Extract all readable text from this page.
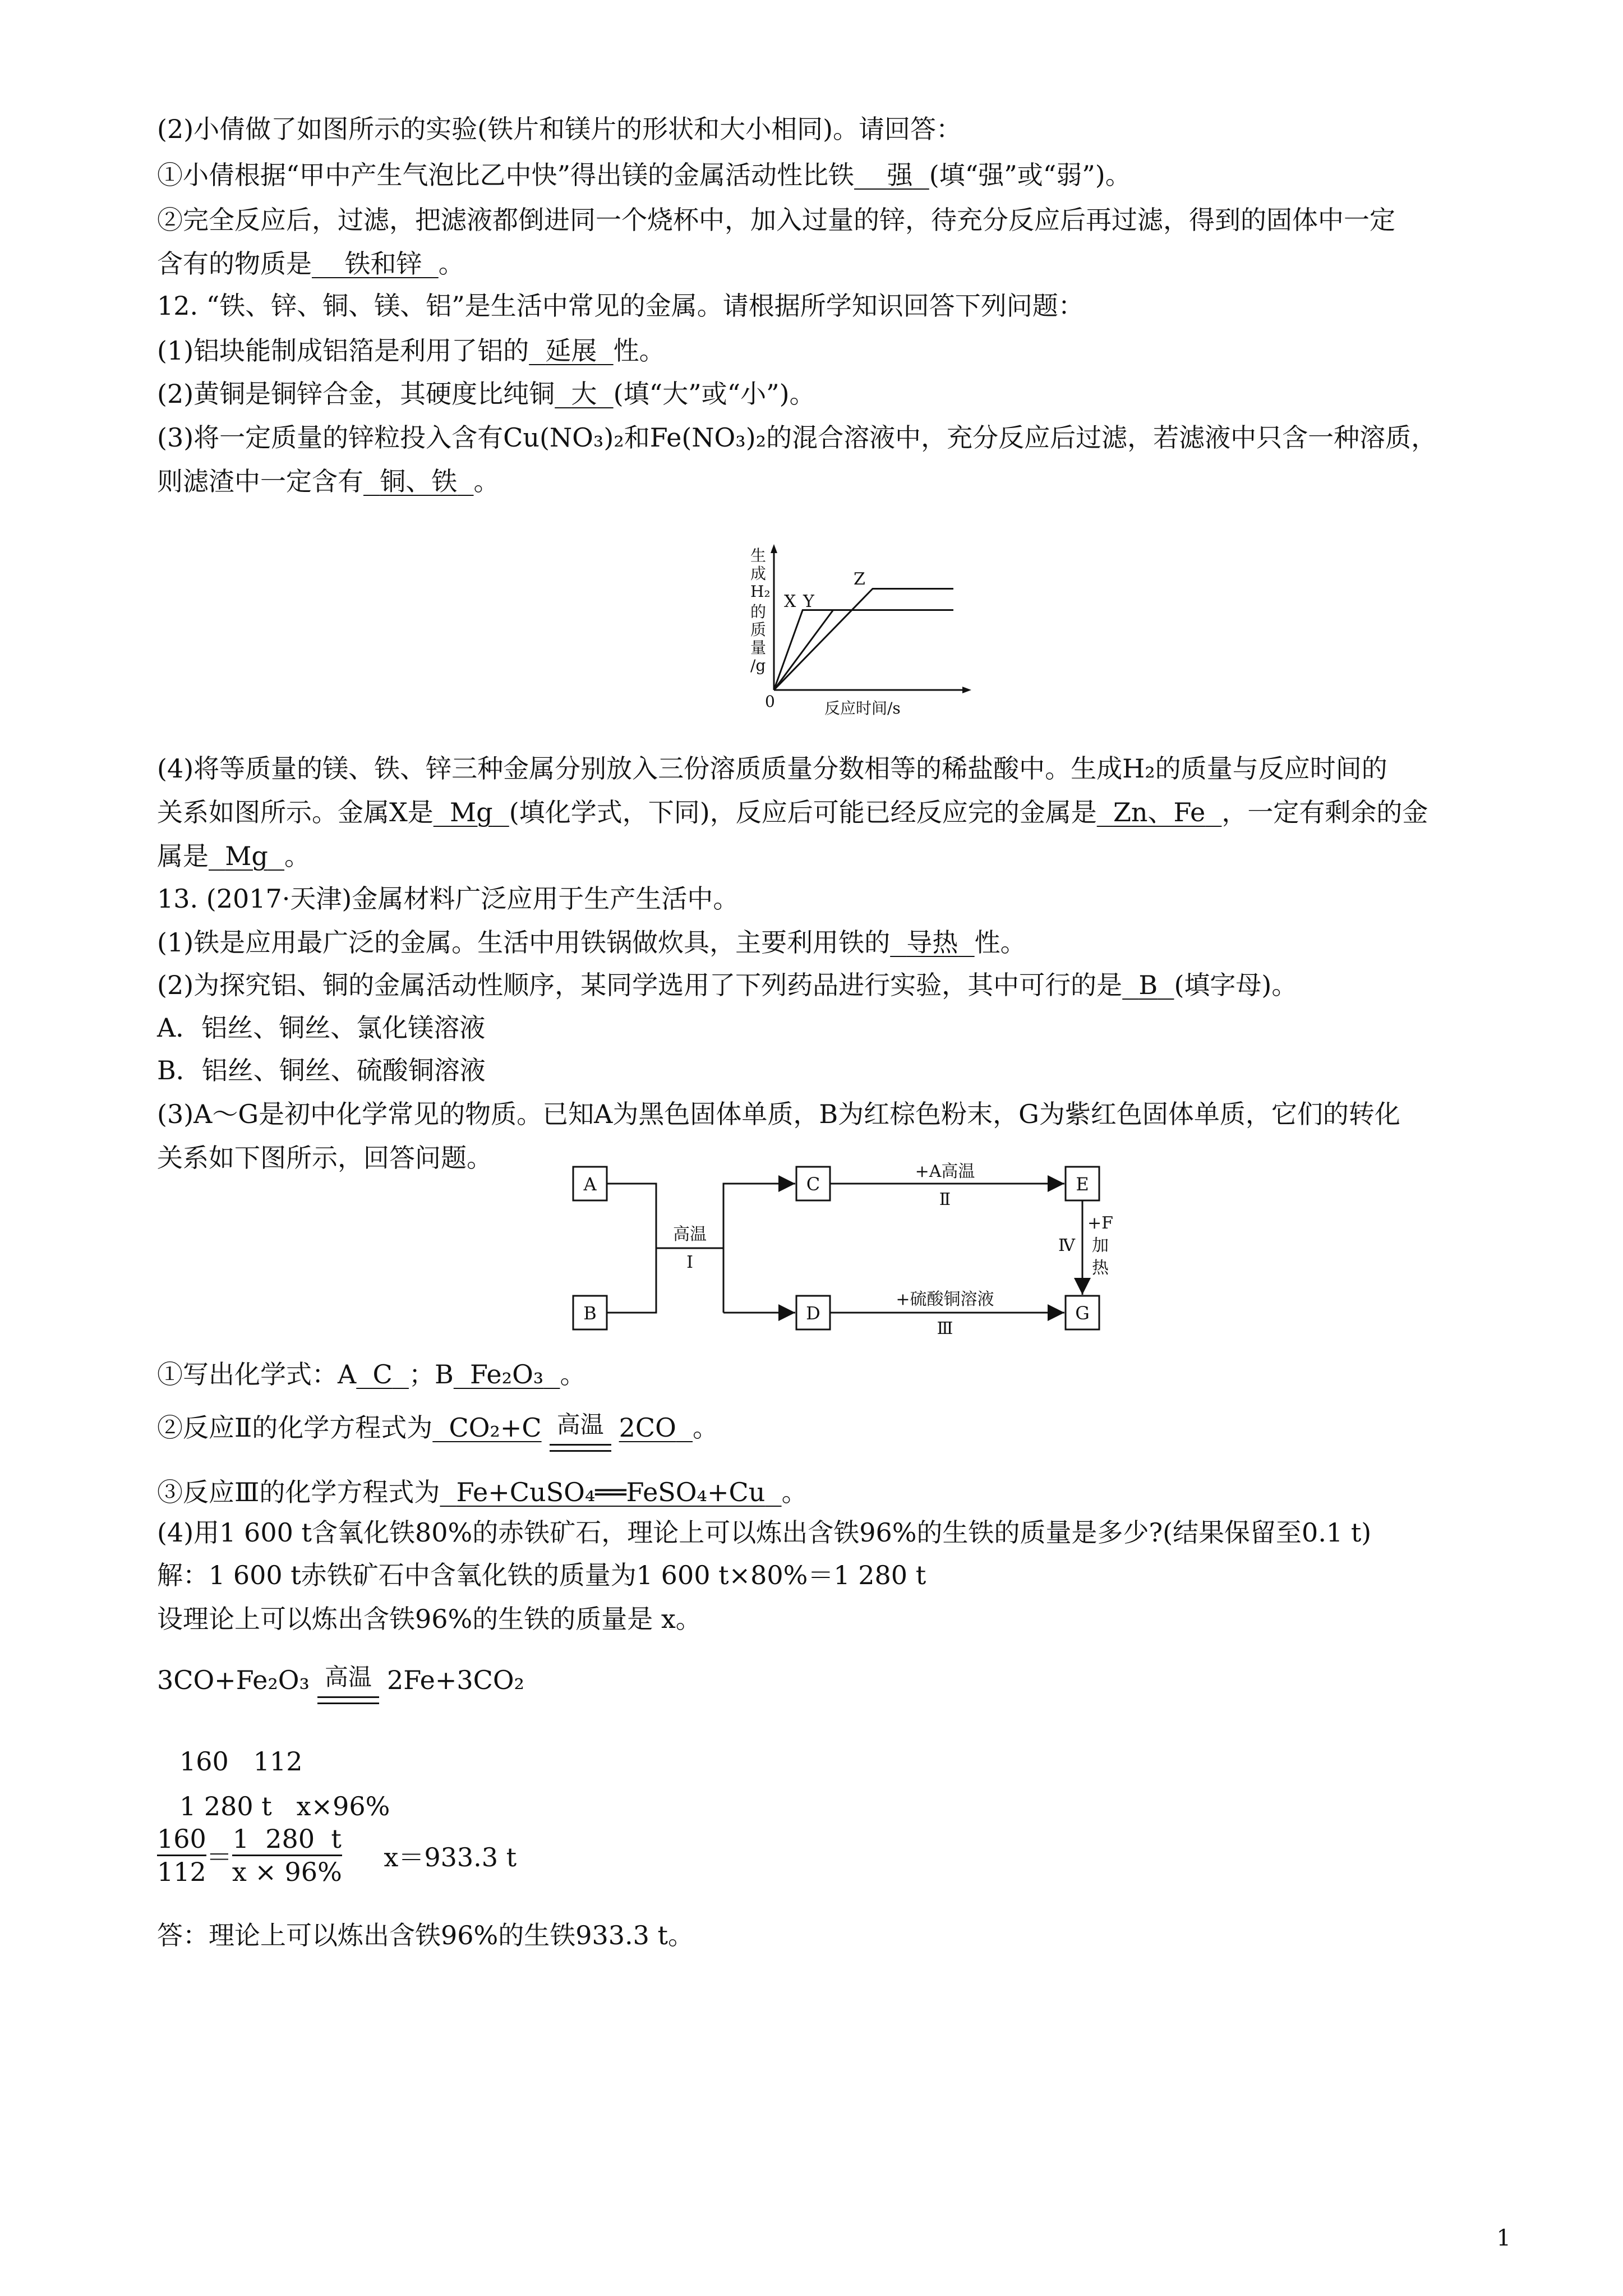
(2)小倩做了如图所示的实验(铁片和镁片的形状和大小相同)。请回答：
①小倩根据“甲中产生气泡比乙中快”得出镁的金属活动性比铁 强 (填“强”或“弱”)。
②完全反应后，过滤，把滤液都倒进同一个烧杯中，加入过量的锌，待充分反应后再过滤，得到的固体中一定
含有的物质是 铁和锌 。
12. “铁、锌、铜、镁、铝”是生活中常见的金属。请根据所学知识回答下列问题：
(1)铝块能制成铝箔是利用了铝的 延展 性。
(2)黄铜是铜锌合金，其硬度比纯铜 大 (填“大”或“小”)。
(3)将一定质量的锌粒投入含有Cu(NO₃)₂和Fe(NO₃)₂的混合溶液中，充分反应后过滤，若滤液中只含一种溶质，
则滤渣中一定含有 铜、铁 。
生
成
H₂
的
质
量
/g
0	反应时间/s
X Y
Z
(4)将等质量的镁、铁、锌三种金属分别放入三份溶质质量分数相等的稀盐酸中。生成H₂的质量与反应时间的
关系如图所示。金属X是 Mg (填化学式，下同)，反应后可能已经反应完的金属是 Zn、Fe ，一定有剩余的金
属是 Mg 。
13. (2017·天津)金属材料广泛应用于生产生活中。
(1)铁是应用最广泛的金属。生活中用铁锅做炊具，主要利用铁的 导热 性。
(2)为探究铝、铜的金属活动性顺序，某同学选用了下列药品进行实验，其中可行的是 B (填字母)。
A．铝丝、铜丝、氯化镁溶液
B．铝丝、铜丝、硫酸铜溶液
(3)A～G是初中化学常见的物质。已知A为黑色固体单质，B为红棕色粉末，G为紫红色固体单质，它们的转化
关系如下图所示，回答问题。
A
B
C
D
E
G
高温
Ⅰ
+A高温
Ⅱ
+硫酸铜溶液
Ⅲ
Ⅳ
+F
加
热
①写出化学式：A C ；B Fe₂O₃ 。
②反应Ⅱ的化学方程式为 CO₂+C 高温 2CO 。
③反应Ⅲ的化学方程式为 Fe+CuSO₄══FeSO₄+Cu 。
(4)用1 600 t含氧化铁80%的赤铁矿石，理论上可以炼出含铁96%的生铁的质量是多少?(结果保留至0.1 t)
解：1 600 t赤铁矿石中含氧化铁的质量为1 600 t×80%＝1 280 t
设理论上可以炼出含铁96%的生铁的质量是 x。
3CO+Fe₂O₃ 高温 2Fe+3CO₂
160   112
1 280 t   x×96%
$\frac{160}{112} = \frac{1 280 t}{x \times 96\%} x=933.3$ t
答：理论上可以炼出含铁96%的生铁933.3 t。
1
